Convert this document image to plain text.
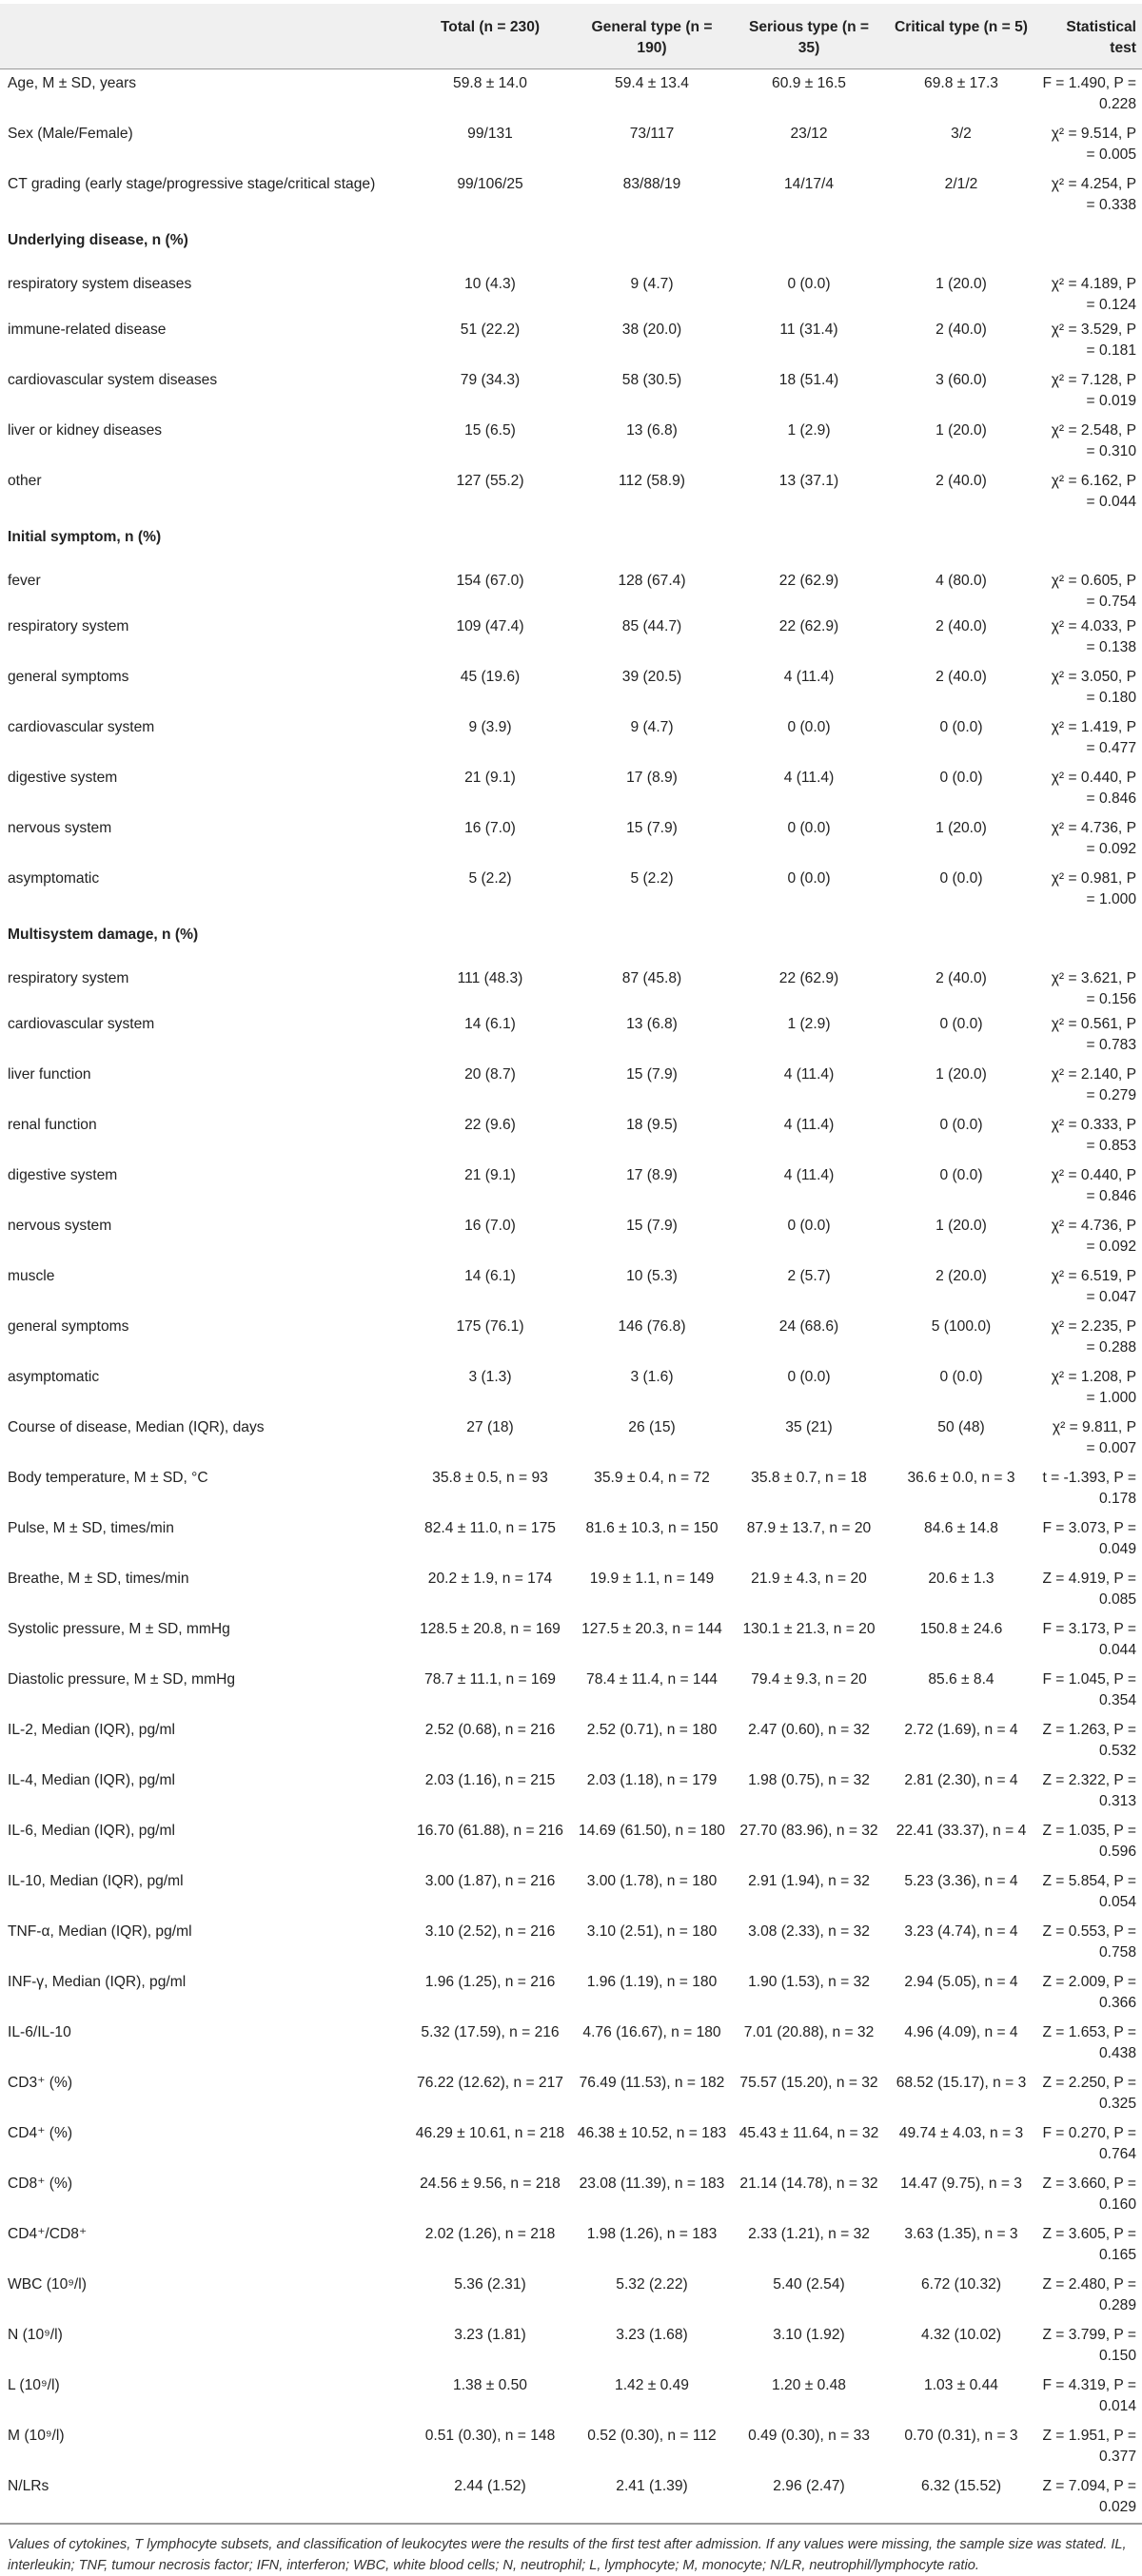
	Total (n = 230)	General type (n = 190)	Serious type (n = 35)	Critical type (n = 5)	Statistical test
Age, M ± SD, years	59.8 ± 14.0	59.4 ± 13.4	60.9 ± 16.5	69.8 ± 17.3	F = 1.490, P = 0.228
Sex (Male/Female)	99/131	73/117	23/12	3/2	χ² = 9.514, P = 0.005
CT grading (early stage/progressive stage/critical stage)	99/106/25	83/88/19	14/17/4	2/1/2	χ² = 4.254, P = 0.338
Underlying disease, n (%)					
respiratory system diseases	10 (4.3)	9 (4.7)	0 (0.0)	1 (20.0)	χ² = 4.189, P = 0.124
immune-related disease	51 (22.2)	38 (20.0)	11 (31.4)	2 (40.0)	χ² = 3.529, P = 0.181
cardiovascular system diseases	79 (34.3)	58 (30.5)	18 (51.4)	3 (60.0)	χ² = 7.128, P = 0.019
liver or kidney diseases	15 (6.5)	13 (6.8)	1 (2.9)	1 (20.0)	χ² = 2.548, P = 0.310
other	127 (55.2)	112 (58.9)	13 (37.1)	2 (40.0)	χ² = 6.162, P = 0.044
Initial symptom, n (%)					
fever	154 (67.0)	128 (67.4)	22 (62.9)	4 (80.0)	χ² = 0.605, P = 0.754
respiratory system	109 (47.4)	85 (44.7)	22 (62.9)	2 (40.0)	χ² = 4.033, P = 0.138
general symptoms	45 (19.6)	39 (20.5)	4 (11.4)	2 (40.0)	χ² = 3.050, P = 0.180
cardiovascular system	9 (3.9)	9 (4.7)	0 (0.0)	0 (0.0)	χ² = 1.419, P = 0.477
digestive system	21 (9.1)	17 (8.9)	4 (11.4)	0 (0.0)	χ² = 0.440, P = 0.846
nervous system	16 (7.0)	15 (7.9)	0 (0.0)	1 (20.0)	χ² = 4.736, P = 0.092
asymptomatic	5 (2.2)	5 (2.2)	0 (0.0)	0 (0.0)	χ² = 0.981, P = 1.000
Multisystem damage, n (%)					
respiratory system	111 (48.3)	87 (45.8)	22 (62.9)	2 (40.0)	χ² = 3.621, P = 0.156
cardiovascular system	14 (6.1)	13 (6.8)	1 (2.9)	0 (0.0)	χ² = 0.561, P = 0.783
liver function	20 (8.7)	15 (7.9)	4 (11.4)	1 (20.0)	χ² = 2.140, P = 0.279
renal function	22 (9.6)	18 (9.5)	4 (11.4)	0 (0.0)	χ² = 0.333, P = 0.853
digestive system	21 (9.1)	17 (8.9)	4 (11.4)	0 (0.0)	χ² = 0.440, P = 0.846
nervous system	16 (7.0)	15 (7.9)	0 (0.0)	1 (20.0)	χ² = 4.736, P = 0.092
muscle	14 (6.1)	10 (5.3)	2 (5.7)	2 (20.0)	χ² = 6.519, P = 0.047
general symptoms	175 (76.1)	146 (76.8)	24 (68.6)	5 (100.0)	χ² = 2.235, P = 0.288
asymptomatic	3 (1.3)	3 (1.6)	0 (0.0)	0 (0.0)	χ² = 1.208, P = 1.000
Course of disease, Median (IQR), days	27 (18)	26 (15)	35 (21)	50 (48)	χ² = 9.811, P = 0.007
Body temperature, M ± SD, °C	35.8 ± 0.5, n = 93	35.9 ± 0.4, n = 72	35.8 ± 0.7, n = 18	36.6 ± 0.0, n = 3	t = -1.393, P = 0.178
Pulse, M ± SD, times/min	82.4 ± 11.0, n = 175	81.6 ± 10.3, n = 150	87.9 ± 13.7, n = 20	84.6 ± 14.8	F = 3.073, P = 0.049
Breathe, M ± SD, times/min	20.2 ± 1.9, n = 174	19.9 ± 1.1, n = 149	21.9 ± 4.3, n = 20	20.6 ± 1.3	Z = 4.919, P = 0.085
Systolic pressure, M ± SD, mmHg	128.5 ± 20.8, n = 169	127.5 ± 20.3, n = 144	130.1 ± 21.3, n = 20	150.8 ± 24.6	F = 3.173, P = 0.044
Diastolic pressure, M ± SD, mmHg	78.7 ± 11.1, n = 169	78.4 ± 11.4, n = 144	79.4 ± 9.3, n = 20	85.6 ± 8.4	F = 1.045, P = 0.354
IL-2, Median (IQR), pg/ml	2.52 (0.68), n = 216	2.52 (0.71), n = 180	2.47 (0.60), n = 32	2.72 (1.69), n = 4	Z = 1.263, P = 0.532
IL-4, Median (IQR), pg/ml	2.03 (1.16), n = 215	2.03 (1.18), n = 179	1.98 (0.75), n = 32	2.81 (2.30), n = 4	Z = 2.322, P = 0.313
IL-6, Median (IQR), pg/ml	16.70 (61.88), n = 216	14.69 (61.50), n = 180	27.70 (83.96), n = 32	22.41 (33.37), n = 4	Z = 1.035, P = 0.596
IL-10, Median (IQR), pg/ml	3.00 (1.87), n = 216	3.00 (1.78), n = 180	2.91 (1.94), n = 32	5.23 (3.36), n = 4	Z = 5.854, P = 0.054
TNF-α, Median (IQR), pg/ml	3.10 (2.52), n = 216	3.10 (2.51), n = 180	3.08 (2.33), n = 32	3.23 (4.74), n = 4	Z = 0.553, P = 0.758
INF-γ, Median (IQR), pg/ml	1.96 (1.25), n = 216	1.96 (1.19), n = 180	1.90 (1.53), n = 32	2.94 (5.05), n = 4	Z = 2.009, P = 0.366
IL-6/IL-10	5.32 (17.59), n = 216	4.76 (16.67), n = 180	7.01 (20.88), n = 32	4.96 (4.09), n = 4	Z = 1.653, P = 0.438
CD3⁺ (%)	76.22 (12.62), n = 217	76.49 (11.53), n = 182	75.57 (15.20), n = 32	68.52 (15.17), n = 3	Z = 2.250, P = 0.325
CD4⁺ (%)	46.29 ± 10.61, n = 218	46.38 ± 10.52, n = 183	45.43 ± 11.64, n = 32	49.74 ± 4.03, n = 3	F = 0.270, P = 0.764
CD8⁺ (%)	24.56 ± 9.56, n = 218	23.08 (11.39), n = 183	21.14 (14.78), n = 32	14.47 (9.75), n = 3	Z = 3.660, P = 0.160
CD4⁺/CD8⁺	2.02 (1.26), n = 218	1.98 (1.26), n = 183	2.33 (1.21), n = 32	3.63 (1.35), n = 3	Z = 3.605, P = 0.165
WBC (10⁹/l)	5.36 (2.31)	5.32 (2.22)	5.40 (2.54)	6.72 (10.32)	Z = 2.480, P = 0.289
N (10⁹/l)	3.23 (1.81)	3.23 (1.68)	3.10 (1.92)	4.32 (10.02)	Z = 3.799, P = 0.150
L (10⁹/l)	1.38 ± 0.50	1.42 ± 0.49	1.20 ± 0.48	1.03 ± 0.44	F = 4.319, P = 0.014
M (10⁹/l)	0.51 (0.30), n = 148	0.52 (0.30), n = 112	0.49 (0.30), n = 33	0.70 (0.31), n = 3	Z = 1.951, P = 0.377
N/LRs	2.44 (1.52)	2.41 (1.39)	2.96 (2.47)	6.32 (15.52)	Z = 7.094, P = 0.029
Values of cytokines, T lymphocyte subsets, and classification of leukocytes were the results of the first test after admission. If any values were missing, the sample size was stated. IL, interleukin; TNF, tumour necrosis factor; IFN, interferon; WBC, white blood cells; N, neutrophil; L, lymphocyte; M, monocyte; N/LR, neutrophil/lymphocyte ratio.
